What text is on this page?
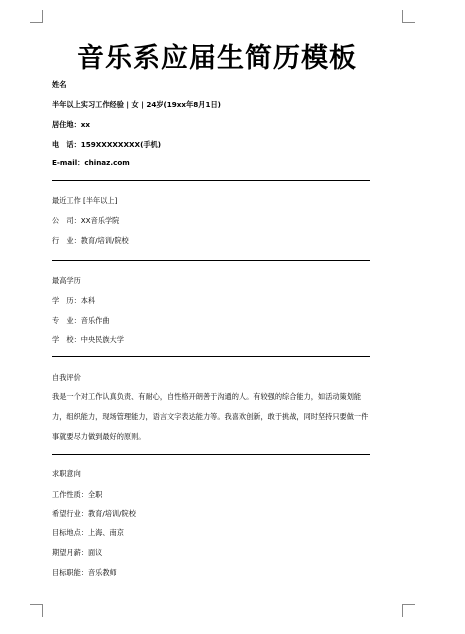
音乐系应届生简历模板
姓名
半年以上实习工作经验 | 女 | 24岁(19xx年8月1日)
居住地：xx
电　话：159XXXXXXXX(手机)
E-mail：chinaz.com
最近工作 [半年以上]
公　司：XX音乐学院
行　业：教育/培训/院校
最高学历
学　历：本科
专　业：音乐作曲
学　校：中央民族大学
自我评价
我是一个对工作认真负责、有耐心，自性格开朗善于沟通的人。有较强的综合能力，如活动策划能力，组织能力，现场管理能力，语言文字表达能力等。我喜欢创新，敢于挑战，同时坚持只要做一件事就要尽力做到最好的原则。
求职意向
工作性质：全职
希望行业：教育/培训/院校
目标地点：上海、南京
期望月薪：面议
目标职能：音乐教师
